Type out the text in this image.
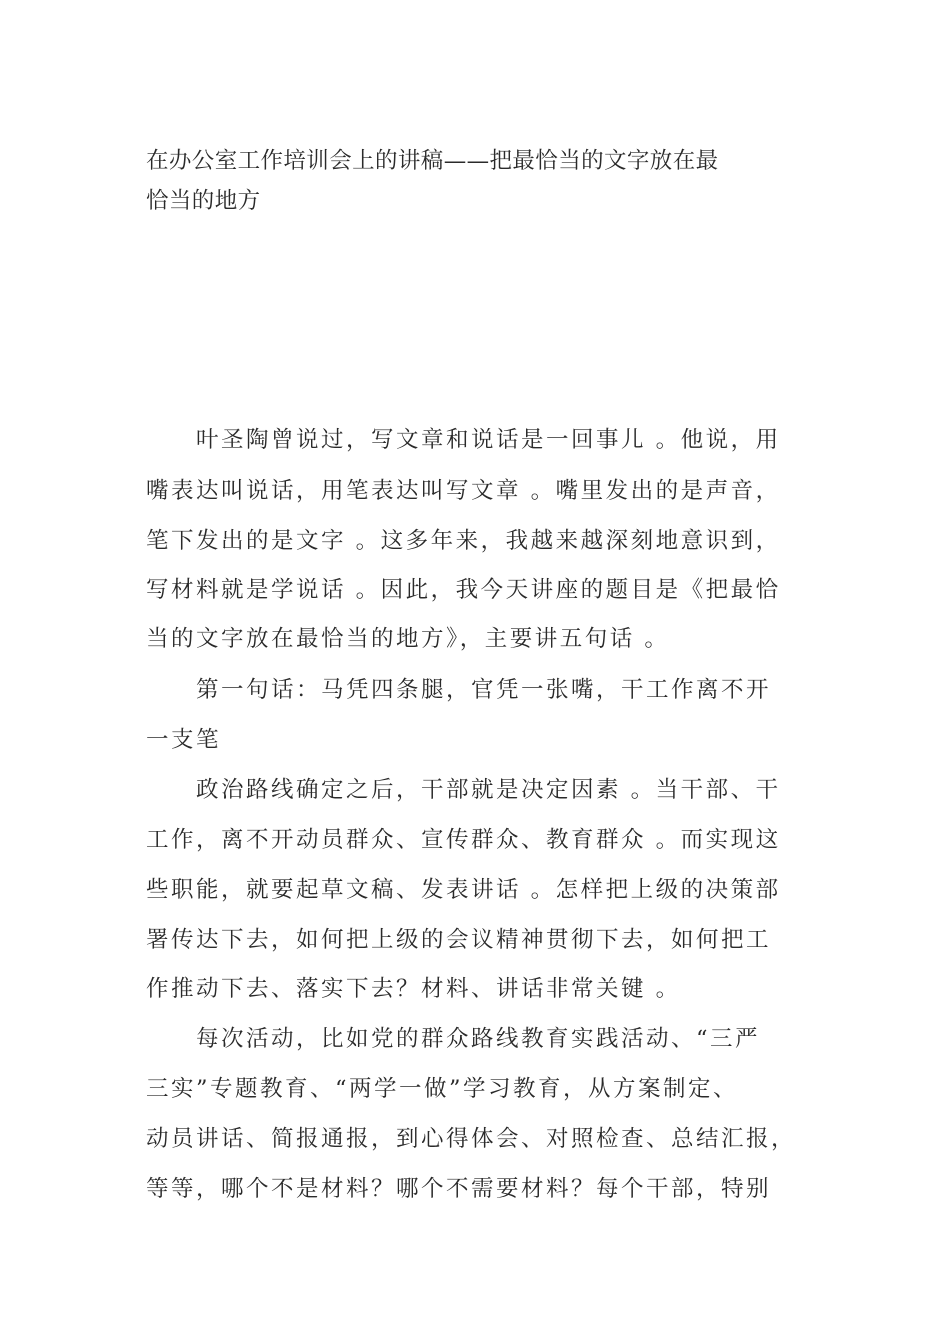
在办公室工作培训会上的讲稿——把最恰当的文字放在最
恰当的地方

叶圣陶曾说过，写文章和说话是一回事儿 。他说，用

嘴表达叫说话，用笔表达叫写文章 。嘴里发出的是声音，

笔下发出的是文字 。这多年来，我越来越深刻地意识到，

写材料就是学说话 。因此，我今天讲座的题目是《把最恰

当的文字放在最恰当的地方》，主要讲五句话 。

第一句话：马凭四条腿，官凭一张嘴，干工作离不开

一支笔

政治路线确定之后，干部就是决定因素 。当干部、干

工作，离不开动员群众、宣传群众、教育群众 。而实现这

些职能，就要起草文稿、发表讲话 。怎样把上级的决策部

署传达下去，如何把上级的会议精神贯彻下去，如何把工

作推动下去、落实下去？材料、讲话非常关键 。

每次活动，比如党的群众路线教育实践活动、“三严

三实”专题教育、“两学一做”学习教育，从方案制定、

动员讲话、简报通报，到心得体会、对照检查、总结汇报，

等等，哪个不是材料？哪个不需要材料？每个干部，特别
